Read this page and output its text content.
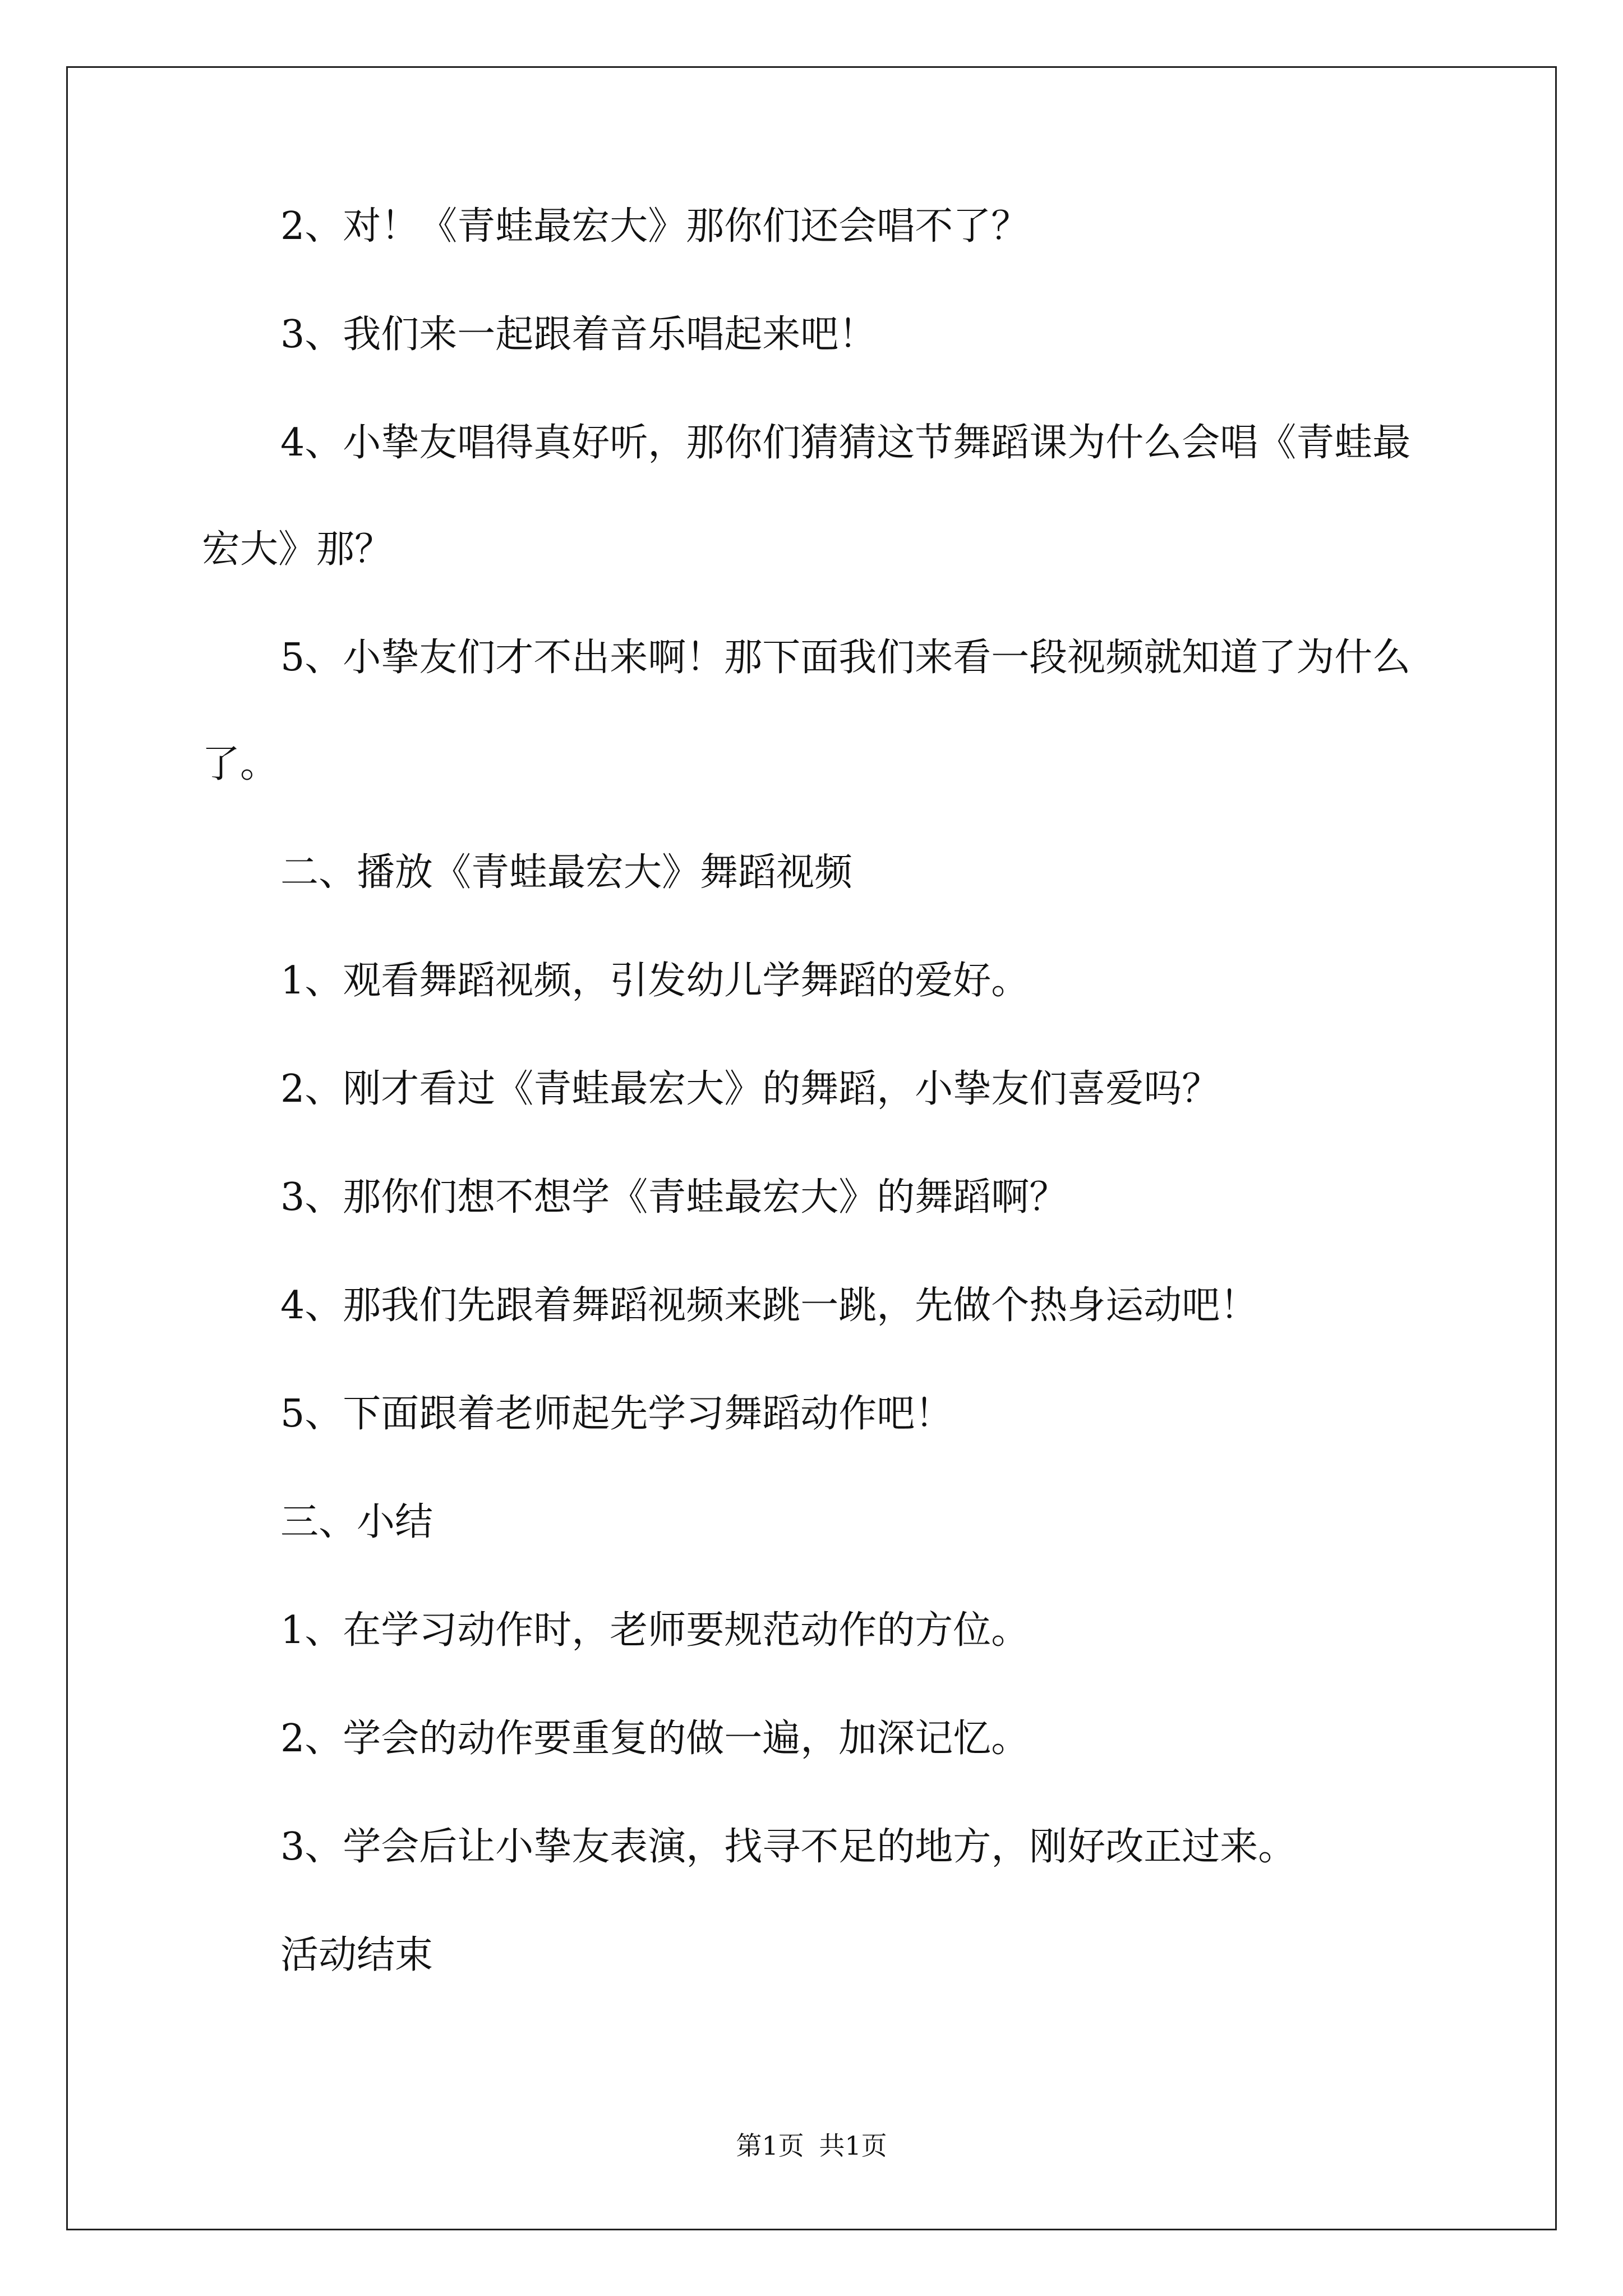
2、对！《青蛙最宏大》那你们还会唱不了？

3、我们来一起跟着音乐唱起来吧！

4、小挚友唱得真好听，那你们猜猜这节舞蹈课为什么会唱《青蛙最宏大》那？

5、小挚友们才不出来啊！那下面我们来看一段视频就知道了为什么了。

二、播放《青蛙最宏大》舞蹈视频

1、观看舞蹈视频，引发幼儿学舞蹈的爱好。

2、刚才看过《青蛙最宏大》的舞蹈，小挚友们喜爱吗？

3、那你们想不想学《青蛙最宏大》的舞蹈啊？

4、那我们先跟着舞蹈视频来跳一跳，先做个热身运动吧！

5、下面跟着老师起先学习舞蹈动作吧！

三、小结

1、在学习动作时，老师要规范动作的方位。

2、学会的动作要重复的做一遍，加深记忆。

3、学会后让小挚友表演，找寻不足的地方，刚好改正过来。

活动结束

第1页 共1页
